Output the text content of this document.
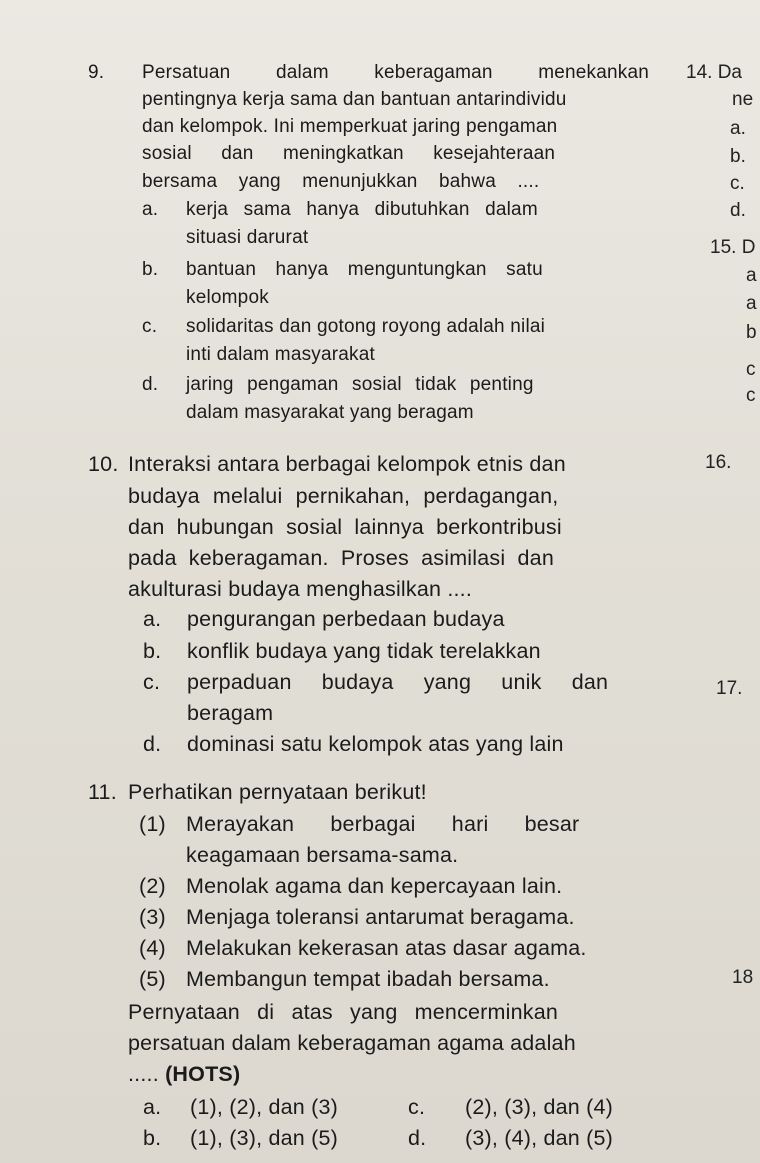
9. Persatuan dalam keberagaman menekankan
pentingnya kerja sama dan bantuan antarindividu
dan kelompok. Ini memperkuat jaring pengaman
sosial dan meningkatkan kesejahteraan
bersama yang menunjukkan bahwa ....
a. kerja sama hanya dibutuhkan dalam
situasi darurat
b. bantuan hanya menguntungkan satu
kelompok
c. solidaritas dan gotong royong adalah nilai
inti dalam masyarakat
d. jaring pengaman sosial tidak penting
dalam masyarakat yang beragam
10. Interaksi antara berbagai kelompok etnis dan
budaya melalui pernikahan, perdagangan,
dan hubungan sosial lainnya berkontribusi
pada keberagaman. Proses asimilasi dan
akulturasi budaya menghasilkan ....
a. pengurangan perbedaan budaya
b. konflik budaya yang tidak terelakkan
c. perpaduan budaya yang unik dan
beragam
d. dominasi satu kelompok atas yang lain
11. Perhatikan pernyataan berikut!
(1) Merayakan berbagai hari besar
keagamaan bersama-sama.
(2) Menolak agama dan kepercayaan lain.
(3) Menjaga toleransi antarumat beragama.
(4) Melakukan kekerasan atas dasar agama.
(5) Membangun tempat ibadah bersama.
Pernyataan di atas yang mencerminkan
persatuan dalam keberagaman agama adalah
..... (HOTS)
a. (1), (2), dan (3)	c. (2), (3), dan (4)
b. (1), (3), dan (5)	d. (3), (4), dan (5)
14. Da
ne
a.
b.
c.
d.
15. D
a
a
b
c
c
16.
17.
18
